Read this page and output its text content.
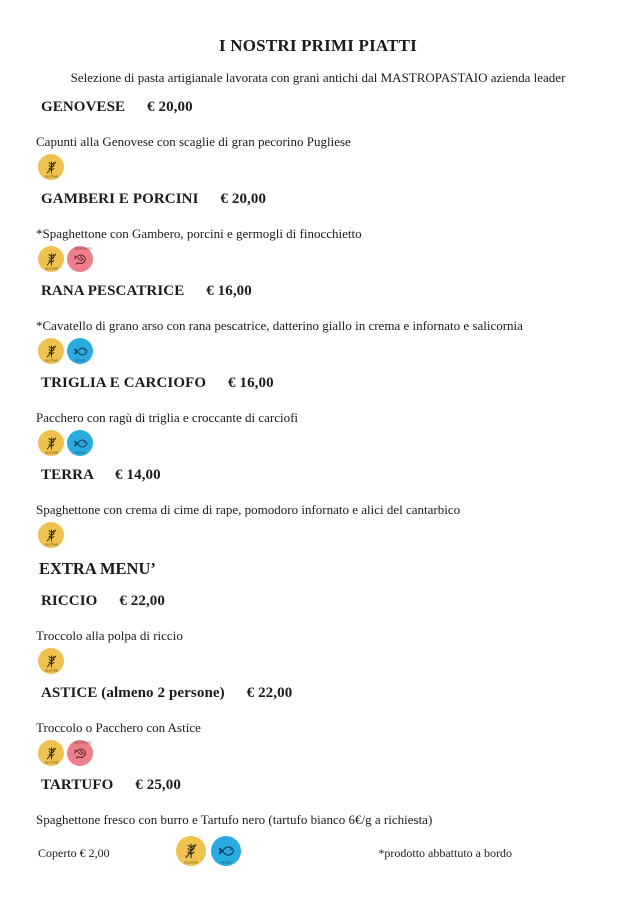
I NOSTRI PRIMI PIATTI

Selezione di pasta artigianale lavorata con grani antichi dal MASTROPASTAIO azienda leader

GENOVESE € 20,00

Capunti alla Genovese con scaglie di gran pecorino Pugliese

GLUTINE
GAMBERI E PORCINI € 20,00

*Spaghettone con Gambero, porcini e germogli di finocchietto

GLUTINE
CROSTACEI
RANA PESCATRICE € 16,00

*Cavatello di grano arso con rana pescatrice, datterino giallo in crema e infornato e salicornia

GLUTINE	PESCE
TRIGLIA E CARCIOFO € 16,00

Pacchero con ragù di triglia e croccante di carciofi

GLUTINE	PESCE
TERRA € 14,00

Spaghettone con crema di cime di rape, pomodoro infornato e alici del cantarbico

GLUTINE
EXTRA MENU’
RICCIO € 22,00

Troccolo alla polpa di riccio

GLUTINE
ASTICE (almeno 2 persone) € 22,00

Troccolo o Pacchero con Astice

GLUTINE
CROSTACEI
TARTUFO € 25,00

Spaghettone fresco con burro e Tartufo nero (tartufo bianco 6€/g a richiesta)

GLUTINE	PESCE
Coperto € 2,00	*prodotto abbattuto a bordo
